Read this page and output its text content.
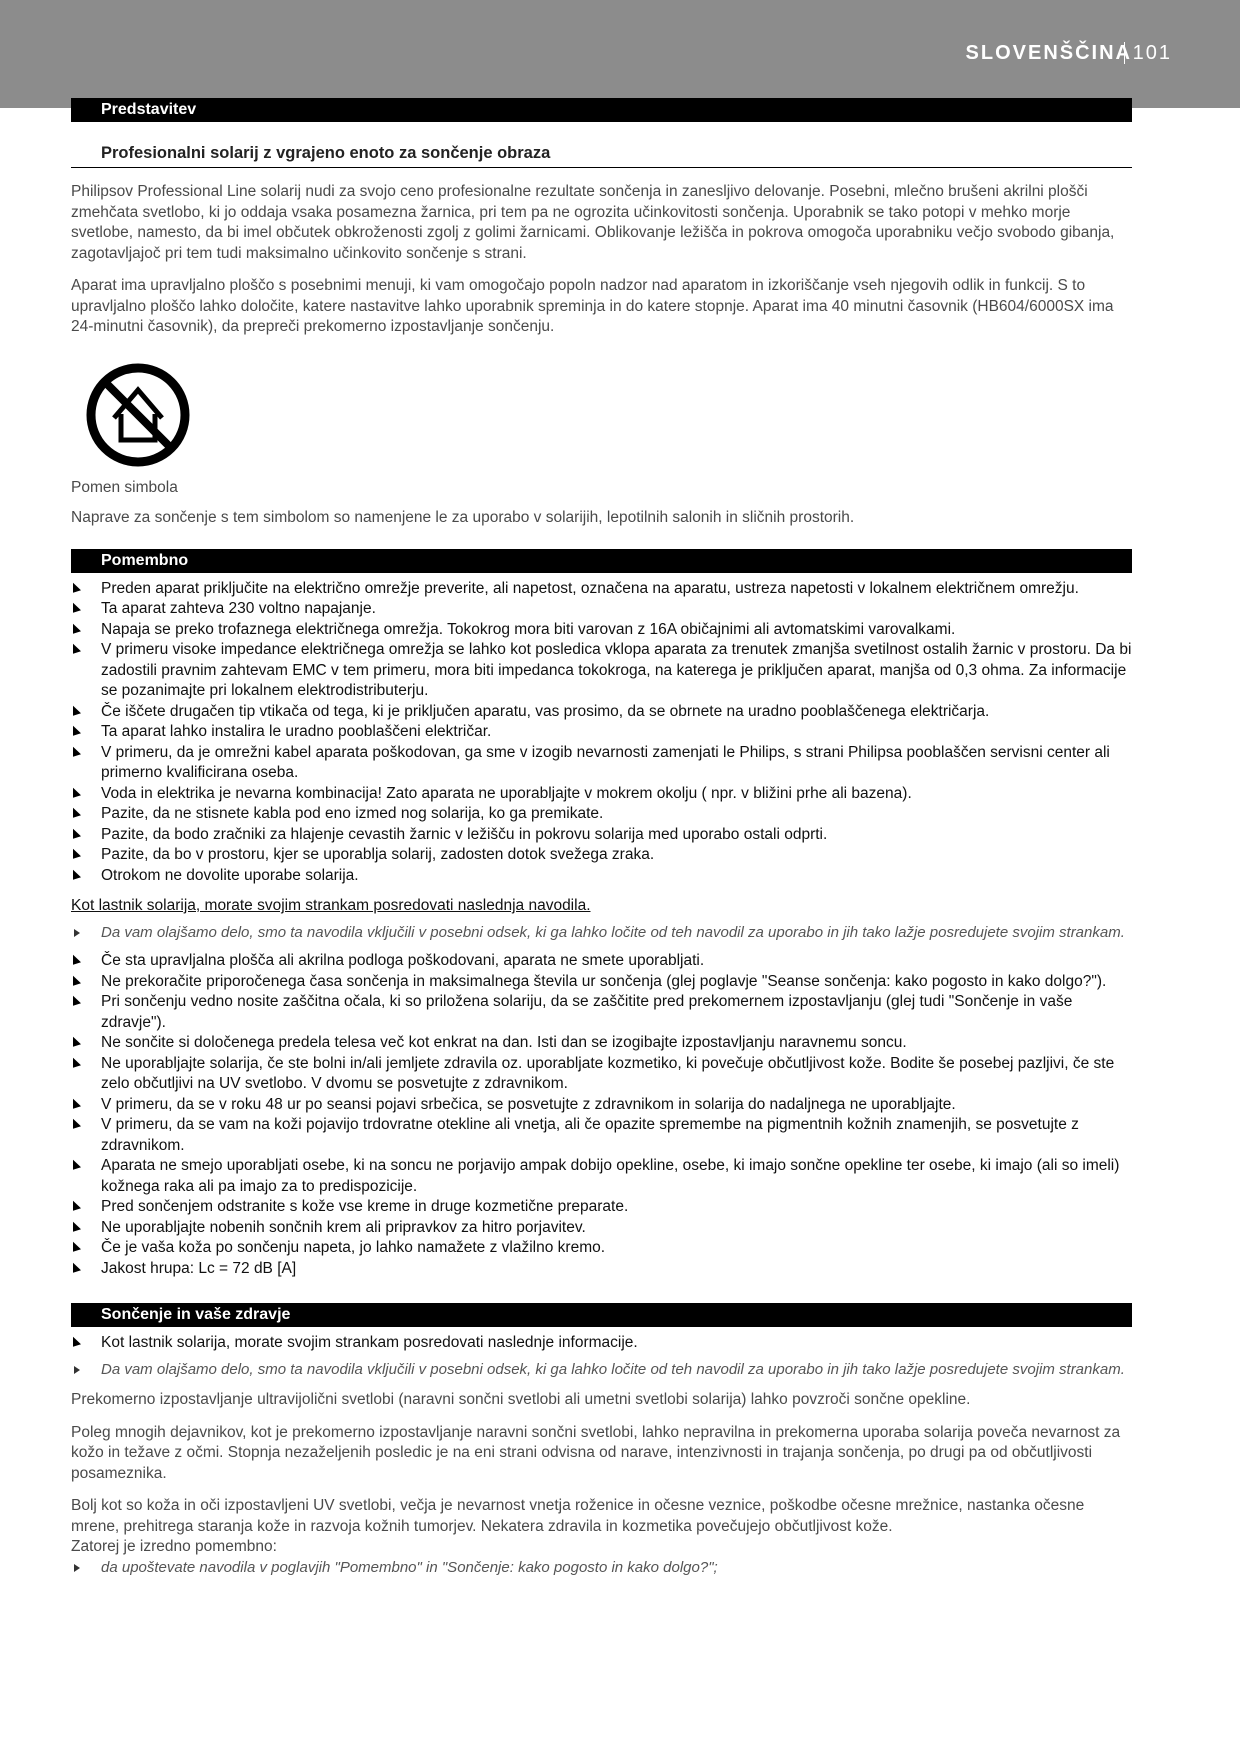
SLOVENŠČINA 101
Predstavitev
Profesionalni solarij z vgrajeno enoto za sončenje obraza

Philipsov Professional Line solarij nudi za svojo ceno profesionalne rezultate sončenja in zanesljivo delovanje. Posebni, mlečno brušeni akrilni plošči zmehčata svetlobo, ki jo oddaja vsaka posamezna žarnica, pri tem pa ne ogrozita učinkovitosti sončenja. Uporabnik se tako potopi v mehko morje svetlobe, namesto, da bi imel občutek obkroženosti zgolj z golimi žarnicami. Oblikovanje ležišča in pokrova omogoča uporabniku večjo svobodo gibanja, zagotavljajoč pri tem tudi maksimalno učinkovito sončenje s strani.

Aparat ima upravljalno ploščo s posebnimi menuji, ki vam omogočajo popoln nadzor nad aparatom in izkoriščanje vseh njegovih odlik in funkcij. S to upravljalno ploščo lahko določite, katere nastavitve lahko uporabnik spreminja in do katere stopnje. Aparat ima 40 minutni časovnik (HB604/6000SX ima 24-minutni časovnik), da prepreči prekomerno izpostavljanje sončenju.

Pomen simbola

Naprave za sončenje s tem simbolom so namenjene le za uporabo v solarijih, lepotilnih salonih in sličnih prostorih.

Pomembno
Preden aparat priključite na električno omrežje preverite, ali napetost, označena na aparatu, ustreza napetosti v lokalnem električnem omrežju.
Ta aparat zahteva 230 voltno napajanje.
Napaja se preko trofaznega električnega omrežja. Tokokrog mora biti varovan z 16A običajnimi ali avtomatskimi varovalkami.
V primeru visoke impedance električnega omrežja se lahko kot posledica vklopa aparata za trenutek zmanjša svetilnost ostalih žarnic v prostoru. Da bi zadostili pravnim zahtevam EMC v tem primeru, mora biti impedanca tokokroga, na katerega je priključen aparat, manjša od 0,3 ohma. Za informacije se pozanimajte pri lokalnem elektrodistributerju.
Če iščete drugačen tip vtikača od tega, ki je priključen aparatu, vas prosimo, da se obrnete na uradno pooblaščenega električarja.
Ta aparat lahko instalira le uradno pooblaščeni električar.
V primeru, da je omrežni kabel aparata poškodovan, ga sme v izogib nevarnosti zamenjati le Philips, s strani Philipsa pooblaščen servisni center ali primerno kvalificirana oseba.
Voda in elektrika je nevarna kombinacija! Zato aparata ne uporabljajte v mokrem okolju ( npr. v bližini prhe ali bazena).
Pazite, da ne stisnete kabla pod eno izmed nog solarija, ko ga premikate.
Pazite, da bodo zračniki za hlajenje cevastih žarnic v ležišču in pokrovu solarija med uporabo ostali odprti.
Pazite, da bo v prostoru, kjer se uporablja solarij, zadosten dotok svežega zraka.
Otrokom ne dovolite uporabe solarija.
Kot lastnik solarija, morate svojim strankam posredovati naslednja navodila.
Da vam olajšamo delo, smo ta navodila vključili v posebni odsek, ki ga lahko ločite od teh navodil za uporabo in jih tako lažje posredujete svojim strankam.
Če sta upravljalna plošča ali akrilna podloga poškodovani, aparata ne smete uporabljati.
Ne prekoračite priporočenega časa sončenja in maksimalnega števila ur sončenja (glej poglavje "Seanse sončenja: kako pogosto in kako dolgo?").
Pri sončenju vedno nosite zaščitna očala, ki so priložena solariju, da se zaščitite pred prekomernem izpostavljanju (glej tudi "Sončenje in vaše zdravje").
Ne sončite si določenega predela telesa več kot enkrat na dan. Isti dan se izogibajte izpostavljanju naravnemu soncu.
Ne uporabljajte solarija, če ste bolni in/ali jemljete zdravila oz. uporabljate kozmetiko, ki povečuje občutljivost kože. Bodite še posebej pazljivi, če ste zelo občutljivi na UV svetlobo. V dvomu se posvetujte z zdravnikom.
V primeru, da se v roku 48 ur po seansi pojavi srbečica, se posvetujte z zdravnikom in solarija do nadaljnega ne uporabljajte.
V primeru, da se vam na koži pojavijo trdovratne otekline ali vnetja, ali če opazite spremembe na pigmentnih kožnih znamenjih, se posvetujte z zdravnikom.
Aparata ne smejo uporabljati osebe, ki na soncu ne porjavijo ampak dobijo opekline, osebe, ki imajo sončne opekline ter osebe, ki imajo (ali so imeli) kožnega raka ali pa imajo za to predispozicije.
Pred sončenjem odstranite s kože vse kreme in druge kozmetične preparate.
Ne uporabljajte nobenih sončnih krem ali pripravkov za hitro porjavitev.
Če je vaša koža po sončenju napeta, jo lahko namažete z vlažilno kremo.
Jakost hrupa: Lc = 72 dB [A]
Sončenje in vaše zdravje
Kot lastnik solarija, morate svojim strankam posredovati naslednje informacije.
Da vam olajšamo delo, smo ta navodila vključili v posebni odsek, ki ga lahko ločite od teh navodil za uporabo in jih tako lažje posredujete svojim strankam.

Prekomerno izpostavljanje ultravijolični svetlobi (naravni sončni svetlobi ali umetni svetlobi solarija) lahko povzroči sončne opekline.

Poleg mnogih dejavnikov, kot je prekomerno izpostavljanje naravni sončni svetlobi, lahko nepravilna in prekomerna uporaba solarija poveča nevarnost za kožo in težave z očmi. Stopnja nezaželjenih posledic je na eni strani odvisna od narave, intenzivnosti in trajanja sončenja, po drugi pa od občutljivosti posameznika.

Bolj kot so koža in oči izpostavljeni UV svetlobi, večja je nevarnost vnetja roženice in očesne veznice, poškodbe očesne mrežnice, nastanka očesne mrene, prehitrega staranja kože in razvoja kožnih tumorjev. Nekatera zdravila in kozmetika povečujejo občutljivost kože.

Zatorej je izredno pomembno:

da upoštevate navodila v poglavjih "Pomembno" in "Sončenje: kako pogosto in kako dolgo?";
